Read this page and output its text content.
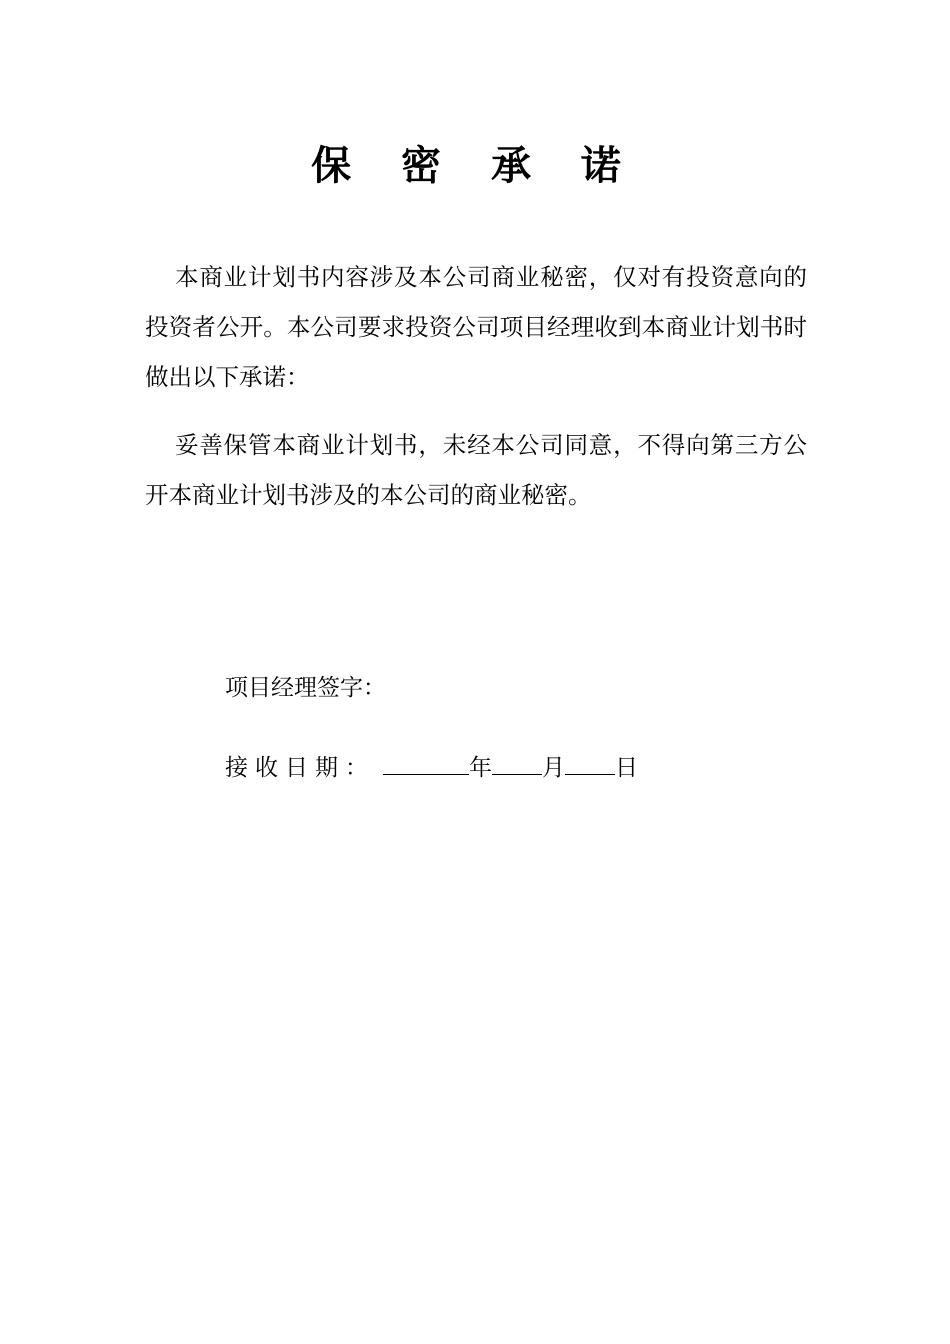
保 密 承 诺

本商业计划书内容涉及本公司商业秘密，仅对有投资意向的投资者公开。本公司要求投资公司项目经理收到本商业计划书时做出以下承诺：

妥善保管本商业计划书，未经本公司同意，不得向第三方公开本商业计划书涉及的本公司的商业秘密。

项目经理签字：
接收日期：	年 月 日
